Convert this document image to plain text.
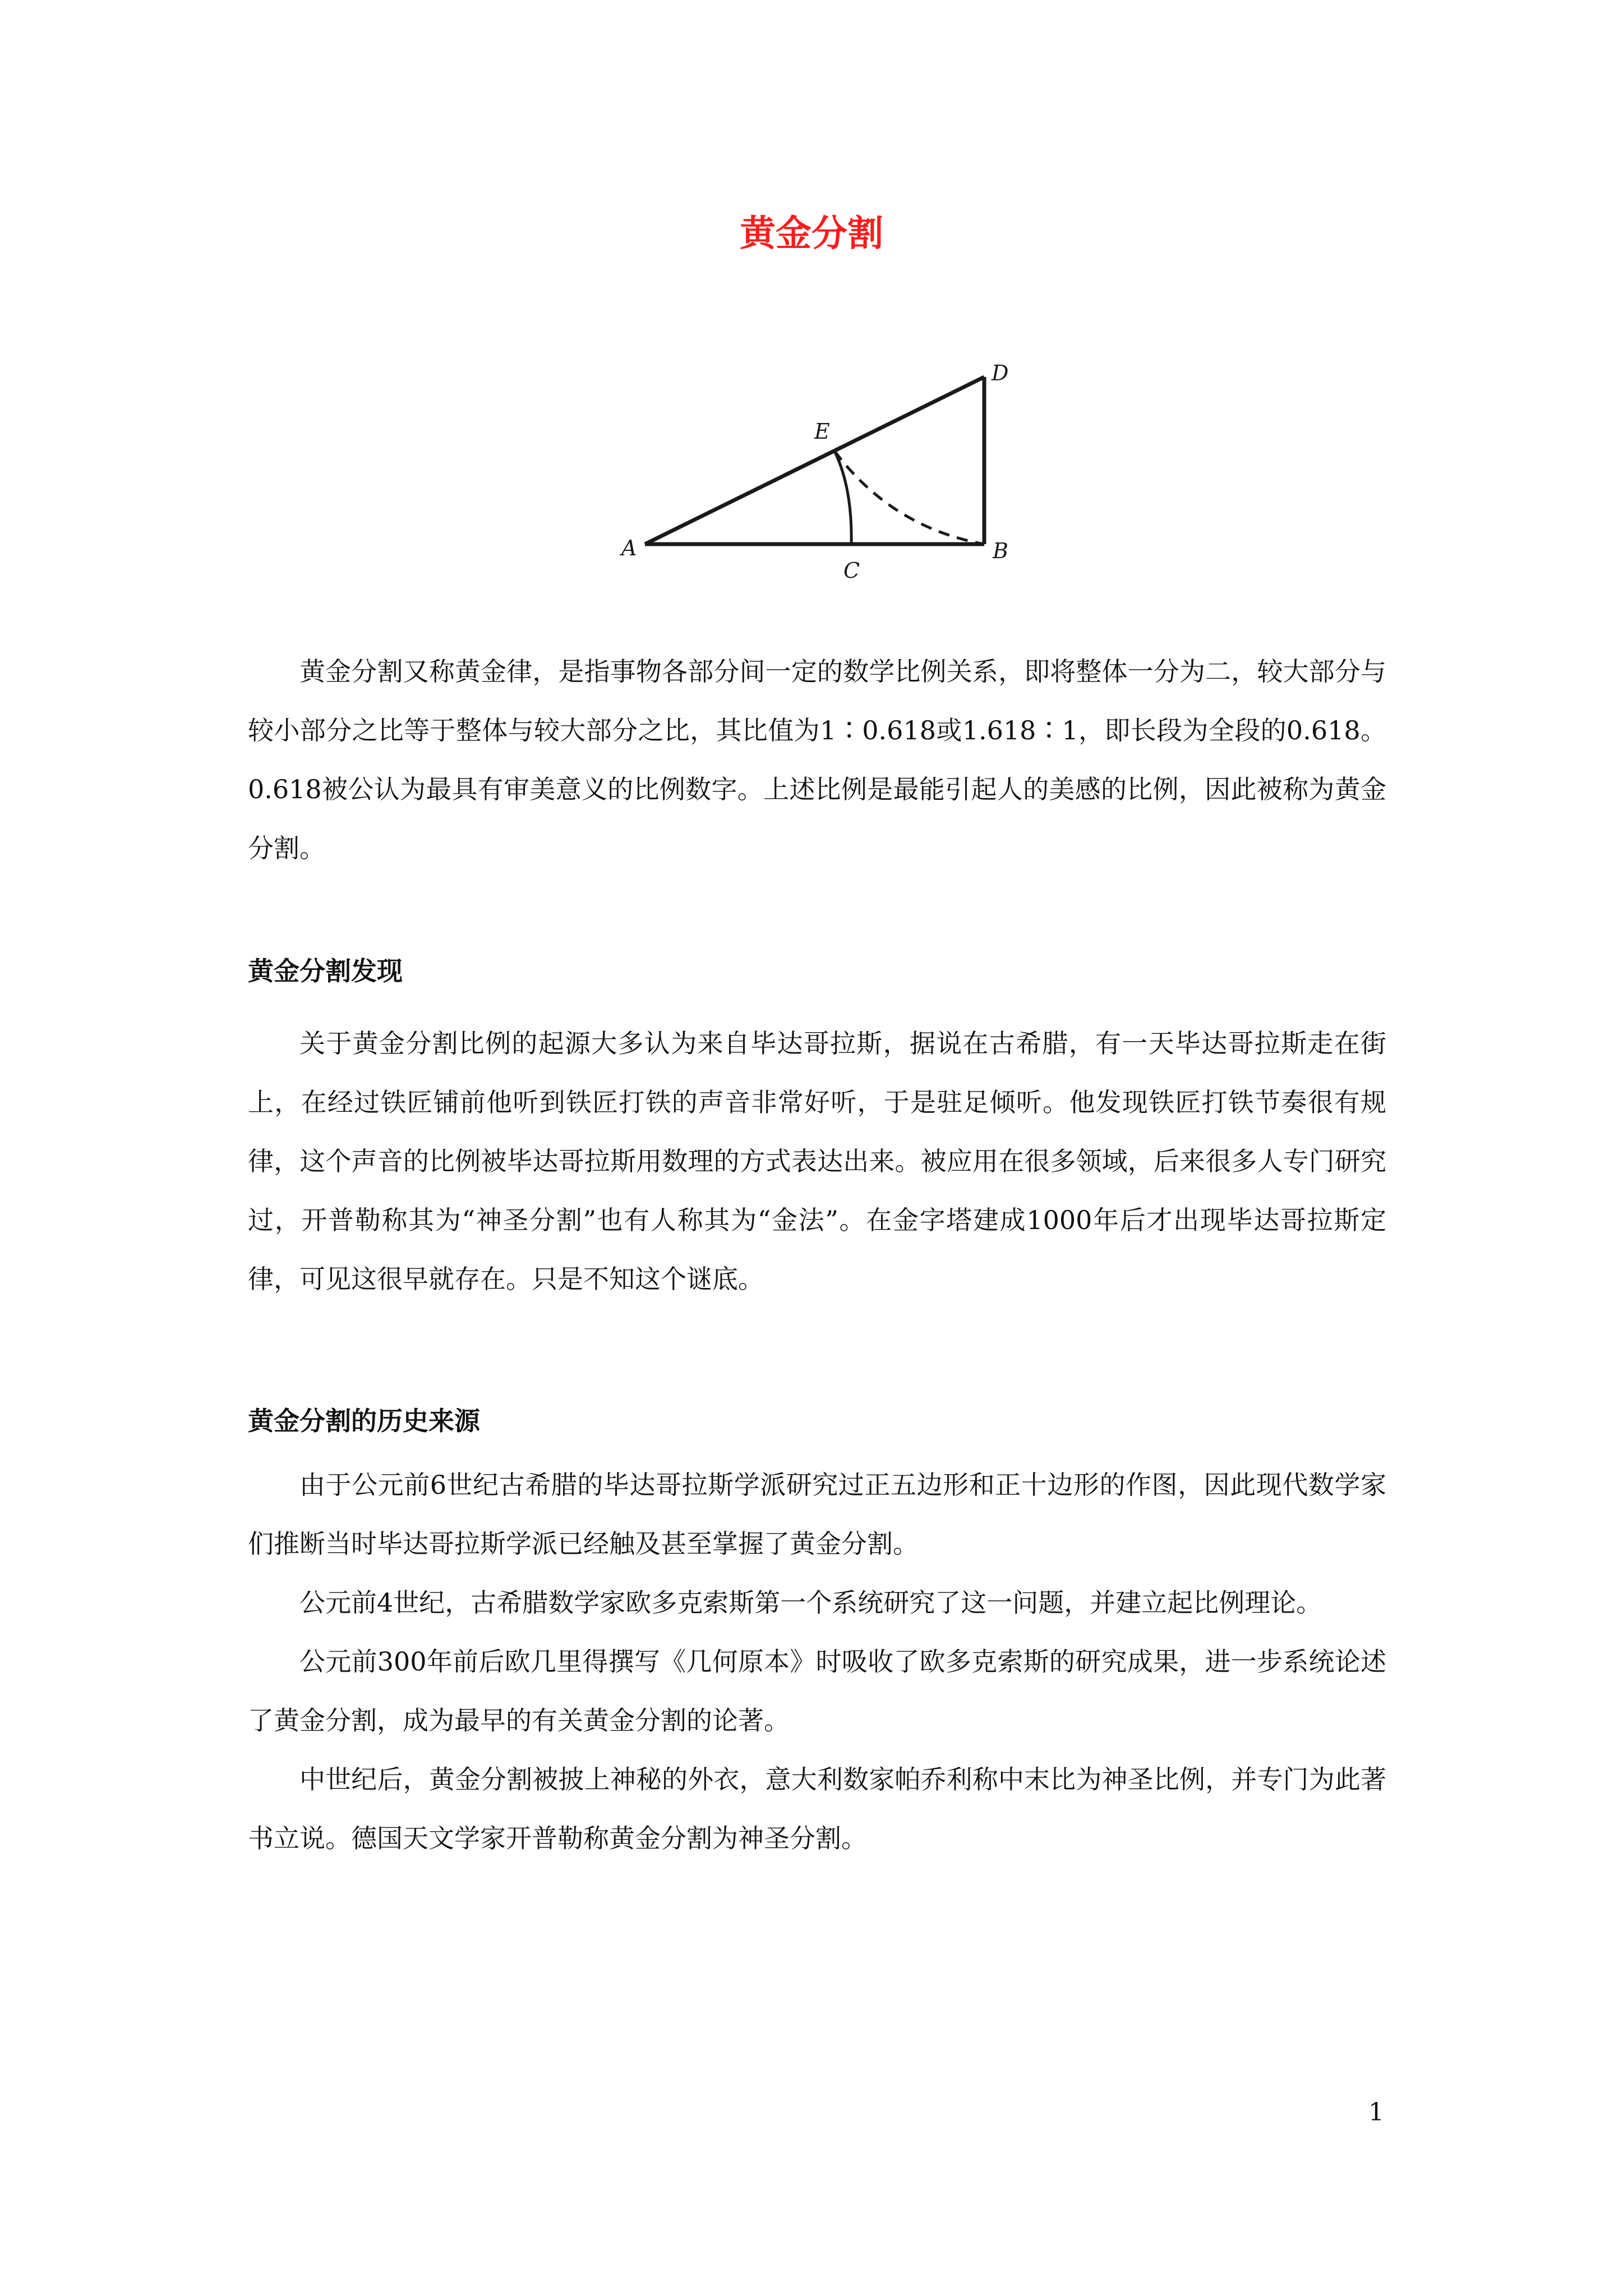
黄金分割
A	B
C
D
E

黄金分割又称黄金律，是指事物各部分间一定的数学比例关系，即将整体一分为二，较大部分与较小部分之比等于整体与较大部分之比，其比值为1∶0.618或1.618∶1，即长段为全段的0.618。0.618被公认为最具有审美意义的比例数字。上述比例是最能引起人的美感的比例，因此被称为黄金分割。

黄金分割发现

关于黄金分割比例的起源大多认为来自毕达哥拉斯，据说在古希腊，有一天毕达哥拉斯走在街上，在经过铁匠铺前他听到铁匠打铁的声音非常好听，于是驻足倾听。他发现铁匠打铁节奏很有规律，这个声音的比例被毕达哥拉斯用数理的方式表达出来。被应用在很多领域，后来很多人专门研究过，开普勒称其为“神圣分割”也有人称其为“金法”。在金字塔建成1000年后才出现毕达哥拉斯定律，可见这很早就存在。只是不知这个谜底。

黄金分割的历史来源

由于公元前6世纪古希腊的毕达哥拉斯学派研究过正五边形和正十边形的作图，因此现代数学家们推断当时毕达哥拉斯学派已经触及甚至掌握了黄金分割。

公元前4世纪，古希腊数学家欧多克索斯第一个系统研究了这一问题，并建立起比例理论。

公元前300年前后欧几里得撰写《几何原本》时吸收了欧多克索斯的研究成果，进一步系统论述了黄金分割，成为最早的有关黄金分割的论著。

中世纪后，黄金分割被披上神秘的外衣，意大利数家帕乔利称中末比为神圣比例，并专门为此著书立说。德国天文学家开普勒称黄金分割为神圣分割。

1
